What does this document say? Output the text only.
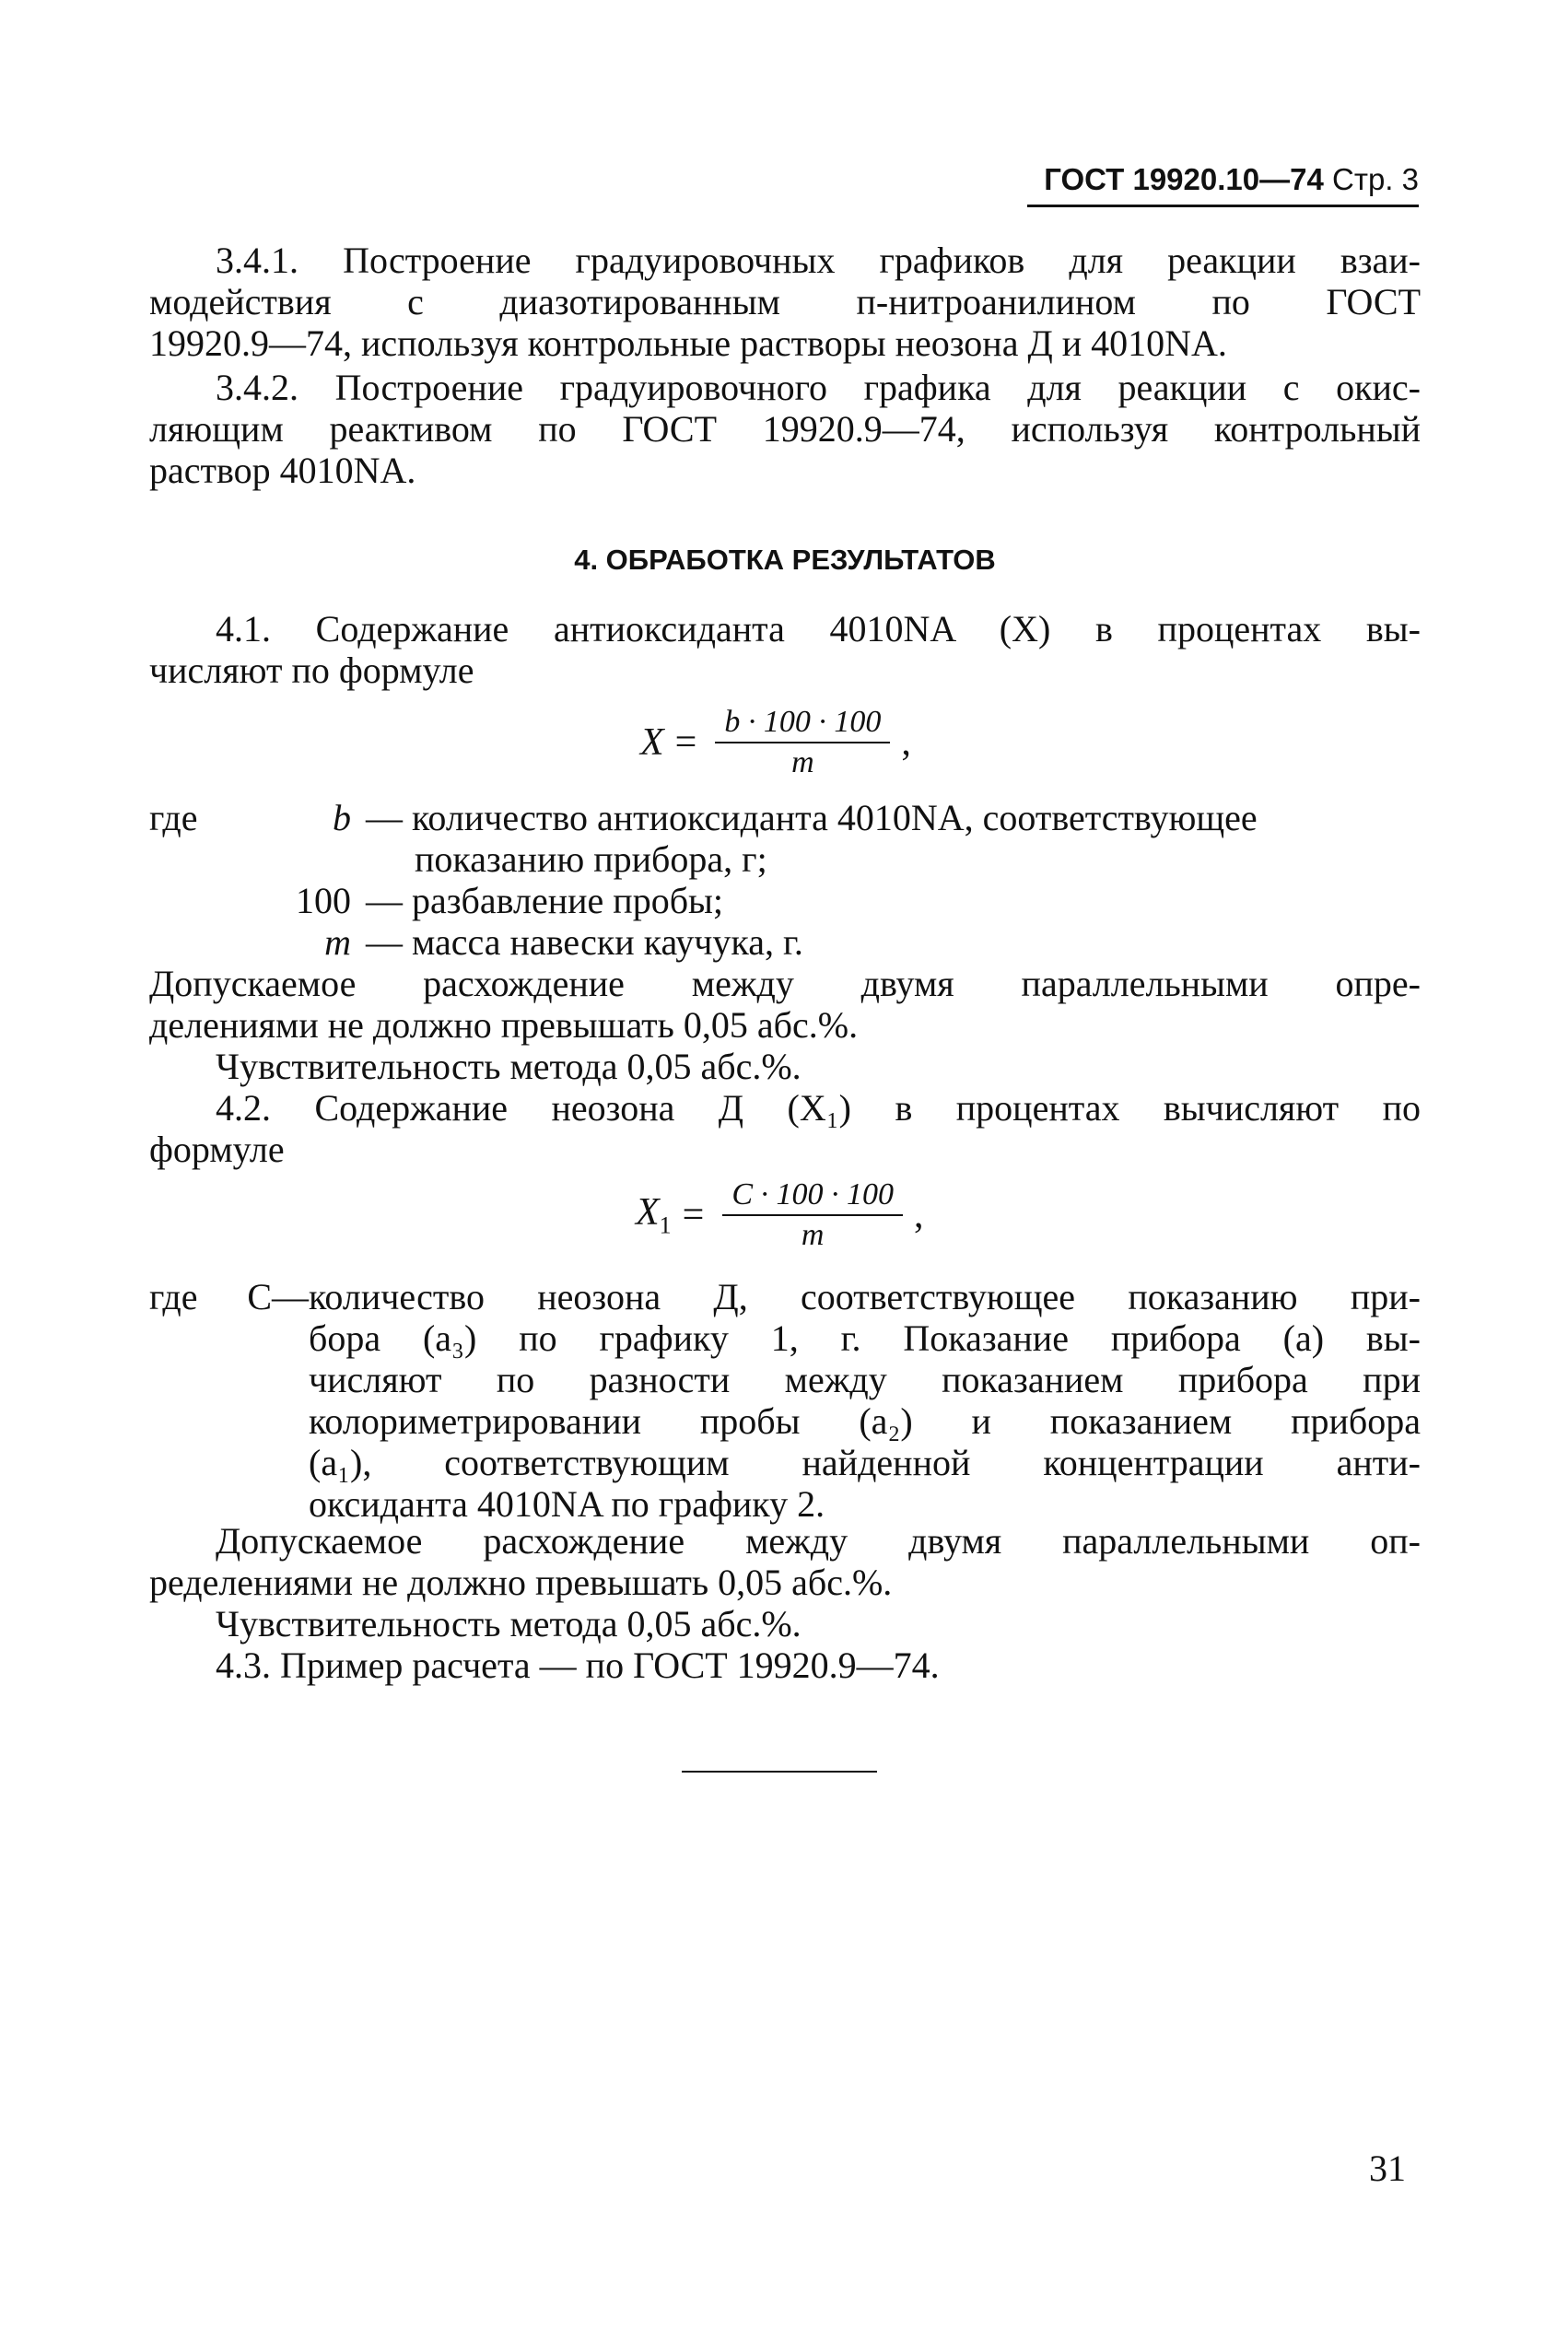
ГОСТ 19920.10—74 Стр. 3
3.4.1. Построение градуировочных графиков для реакции взаи-
модействия с диазотированным п-нитроанилином по ГОСТ
19920.9—74, используя контрольные растворы неозона Д и 4010NA.
3.4.2. Построение градуировочного графика для реакции с окис-
ляющим реактивом по ГОСТ 19920.9—74, используя контрольный
раствор 4010NA.
4. ОБРАБОТКА РЕЗУЛЬТАТОВ
4.1. Содержание антиоксиданта 4010NA (X) в процентах вы-
числяют по формуле
$X = \frac{b \cdot 100 \cdot 100}{m}$ ,
где	b — количество антиоксиданта 4010NA, соответствующее
показанию прибора, г;
100 — разбавление пробы;
m — масса навески каучука, г.
Допускаемое расхождение между двумя параллельными опре-
делениями не должно превышать 0,05 абс.%.
Чувствительность метода 0,05 абс.%.
4.2. Содержание неозона Д (X₁) в процентах вычисляют по
формуле
$X_1 = \frac{C \cdot 100 \cdot 100}{m}$ ,
где C—количество неозона Д, соответствующее показанию при-
бора (a₃) по графику 1, г. Показание прибора (a) вы-
числяют по разности между показанием прибора при
колориметрировании пробы (a₂) и показанием прибора
(a₁), соответствующим найденной концентрации анти-
оксиданта 4010NA по графику 2.
Допускаемое расхождение между двумя параллельными оп-
ределениями не должно превышать 0,05 абс.%.
Чувствительность метода 0,05 абс.%.
4.3. Пример расчета — по ГОСТ 19920.9—74.
31
